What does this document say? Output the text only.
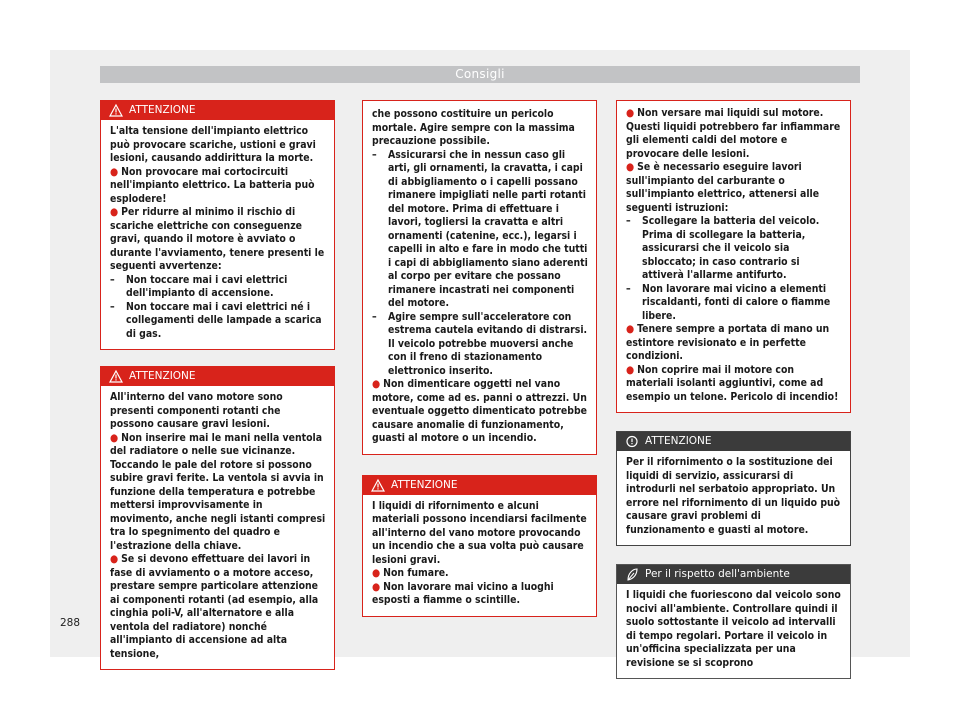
Consigli
ATTENZIONE

L'alta tensione dell'impianto elettrico può provocare scariche, ustioni e gravi lesioni, causando addirittura la morte.

● Non provocare mai cortocircuiti nell'impianto elettrico. La batteria può esplodere!

● Per ridurre al minimo il rischio di scariche elettriche con conseguenze gravi, quando il motore è avviato o durante l'avviamento, tenere presenti le seguenti avvertenze:

– Non toccare mai i cavi elettrici dell'impianto di accensione.

– Non toccare mai i cavi elettrici né i collegamenti delle lampade a scarica di gas.

ATTENZIONE

All'interno del vano motore sono presenti componenti rotanti che possono causare gravi lesioni.

● Non inserire mai le mani nella ventola del radiatore o nelle sue vicinanze. Toccando le pale del rotore si possono subire gravi ferite. La ventola si avvia in funzione della temperatura e potrebbe mettersi improvvisamente in movimento, anche negli istanti compresi tra lo spegnimento del quadro e l'estrazione della chiave.

● Se si devono effettuare dei lavori in fase di avviamento o a motore acceso, prestare sempre particolare attenzione ai componenti rotanti (ad esempio, alla cinghia poli-V, all'alternatore e alla ventola del radiatore) nonché all'impianto di accensione ad alta tensione,

che possono costituire un pericolo mortale. Agire sempre con la massima precauzione possibile.

– Assicurarsi che in nessun caso gli arti, gli ornamenti, la cravatta, i capi di abbigliamento o i capelli possano rimanere impigliati nelle parti rotanti del motore. Prima di effettuare i lavori, togliersi la cravatta e altri ornamenti (catenine, ecc.), legarsi i capelli in alto e fare in modo che tutti i capi di abbigliamento siano aderenti al corpo per evitare che possano rimanere incastrati nei componenti del motore.

– Agire sempre sull'acceleratore con estrema cautela evitando di distrarsi. Il veicolo potrebbe muoversi anche con il freno di stazionamento elettronico inserito.

● Non dimenticare oggetti nel vano motore, come ad es. panni o attrezzi. Un eventuale oggetto dimenticato potrebbe causare anomalie di funzionamento, guasti al motore o un incendio.

ATTENZIONE

I liquidi di rifornimento e alcuni materiali possono incendiarsi facilmente all'interno del vano motore provocando un incendio che a sua volta può causare lesioni gravi.

● Non fumare.

● Non lavorare mai vicino a luoghi esposti a fiamme o scintille.

● Non versare mai liquidi sul motore. Questi liquidi potrebbero far infiammare gli elementi caldi del motore e provocare delle lesioni.

● Se è necessario eseguire lavori sull'impianto del carburante o sull'impianto elettrico, attenersi alle seguenti istruzioni:

– Scollegare la batteria del veicolo. Prima di scollegare la batteria, assicurarsi che il veicolo sia sbloccato; in caso contrario si attiverà l'allarme antifurto.

– Non lavorare mai vicino a elementi riscaldanti, fonti di calore o fiamme libere.

● Tenere sempre a portata di mano un estintore revisionato e in perfette condizioni.

● Non coprire mai il motore con materiali isolanti aggiuntivi, come ad esempio un telone. Pericolo di incendio!

ATTENZIONE

Per il rifornimento o la sostituzione dei liquidi di servizio, assicurarsi di introdurli nel serbatoio appropriato. Un errore nel rifornimento di un liquido può causare gravi problemi di funzionamento e guasti al motore.

Per il rispetto dell'ambiente

I liquidi che fuoriescono dal veicolo sono nocivi all'ambiente. Controllare quindi il suolo sottostante il veicolo ad intervalli di tempo regolari. Portare il veicolo in un'officina specializzata per una revisione se si scoprono

288
